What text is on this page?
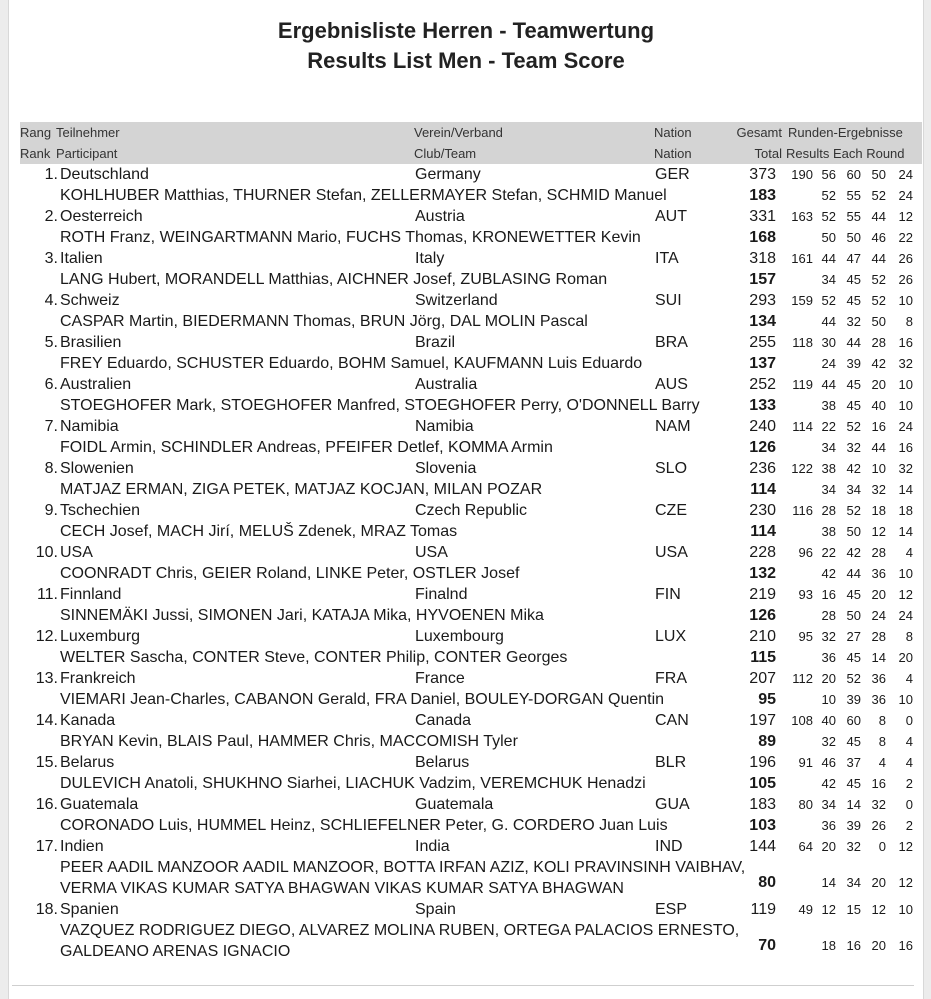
Ergebnisliste Herren - Teamwertung
Results List Men - Team Score
Rang
Rank
Teilnehmer
Participant
Verein/Verband
Club/Team
Nation
Nation
Gesamt
Total
Runden-Ergebnisse
Results Each Round
1. Deutschland	Germany	GER	373	190 56 60 50 24
KOHLHUBER Matthias, THURNER Stefan, ZELLERMAYER Stefan, SCHMID Manuel	183	52 55 52 24
2. Oesterreich	Austria	AUT	331	163 52 55 44 12
ROTH Franz, WEINGARTMANN Mario, FUCHS Thomas, KRONEWETTER Kevin	168	50 50 46 22
3. Italien	Italy	ITA	318	161 44 47 44 26
LANG Hubert, MORANDELL Matthias, AICHNER Josef, ZUBLASING Roman	157	34 45 52 26
4. Schweiz	Switzerland	SUI	293	159 52 45 52 10
CASPAR Martin, BIEDERMANN Thomas, BRUN Jörg, DAL MOLIN Pascal	134	44 32 50	8
5. Brasilien	Brazil	BRA	255	118 30 44 28 16
FREY Eduardo, SCHUSTER Eduardo, BOHM Samuel, KAUFMANN Luis Eduardo	137	24 39 42 32
6. Australien	Australia	AUS	252	119 44 45 20 10
STOEGHOFER Mark, STOEGHOFER Manfred, STOEGHOFER Perry, O'DONNELL Barry	133	38 45 40 10
7. Namibia	Namibia	NAM	240	114 22 52 16 24
FOIDL Armin, SCHINDLER Andreas, PFEIFER Detlef, KOMMA Armin	126	34 32 44 16
8. Slowenien	Slovenia	SLO	236	122 38 42 10 32
MATJAZ ERMAN, ZIGA PETEK, MATJAZ KOCJAN, MILAN POZAR	114	34 34 32 14
9. Tschechien	Czech Republic	CZE	230	116 28 52 18 18
CECH Josef, MACH Jirí, MELUŠ Zdenek, MRAZ Tomas	114	38 50 12 14
10. USA	USA	USA	228	96 22 42 28	4
COONRADT Chris, GEIER Roland, LINKE Peter, OSTLER Josef	132	42 44 36 10
11. Finnland	Finalnd	FIN	219	93 16 45 20 12
SINNEMÄKI Jussi, SIMONEN Jari, KATAJA Mika, HYVOENEN Mika	126	28 50 24 24
12. Luxemburg	Luxembourg	LUX	210	95 32 27 28	8
WELTER Sascha, CONTER Steve, CONTER Philip, CONTER Georges	115	36 45 14 20
13. Frankreich	France	FRA	207	112 20 52 36	4
VIEMARI Jean-Charles, CABANON Gerald, FRA Daniel, BOULEY-DORGAN Quentin	95	10 39 36 10
14. Kanada	Canada	CAN	197	108 40 60	8	0
BRYAN Kevin, BLAIS Paul, HAMMER Chris, MACCOMISH Tyler	89	32 45	8	4
15. Belarus	Belarus	BLR	196	91 46 37	4	4
DULEVICH Anatoli, SHUKHNO Siarhei, LIACHUK Vadzim, VEREMCHUK Henadzi	105	42 45 16	2
16. Guatemala	Guatemala	GUA	183	80 34 14 32	0
CORONADO Luis, HUMMEL Heinz, SCHLIEFELNER Peter, G. CORDERO Juan Luis	103	36 39 26	2
17. Indien	India	IND	144	64 20 32	0 12
PEER AADIL MANZOOR AADIL MANZOOR, BOTTA IRFAN AZIZ, KOLI PRAVINSINH VAIBHAV,
VERMA VIKAS KUMAR SATYA BHAGWAN VIKAS KUMAR SATYA BHAGWAN	80	14 34 20 12
18. Spanien	Spain	ESP	119	49 12 15 12 10
VAZQUEZ RODRIGUEZ DIEGO, ALVAREZ MOLINA RUBEN, ORTEGA PALACIOS ERNESTO,
GALDEANO ARENAS IGNACIO	70	18 16 20 16
